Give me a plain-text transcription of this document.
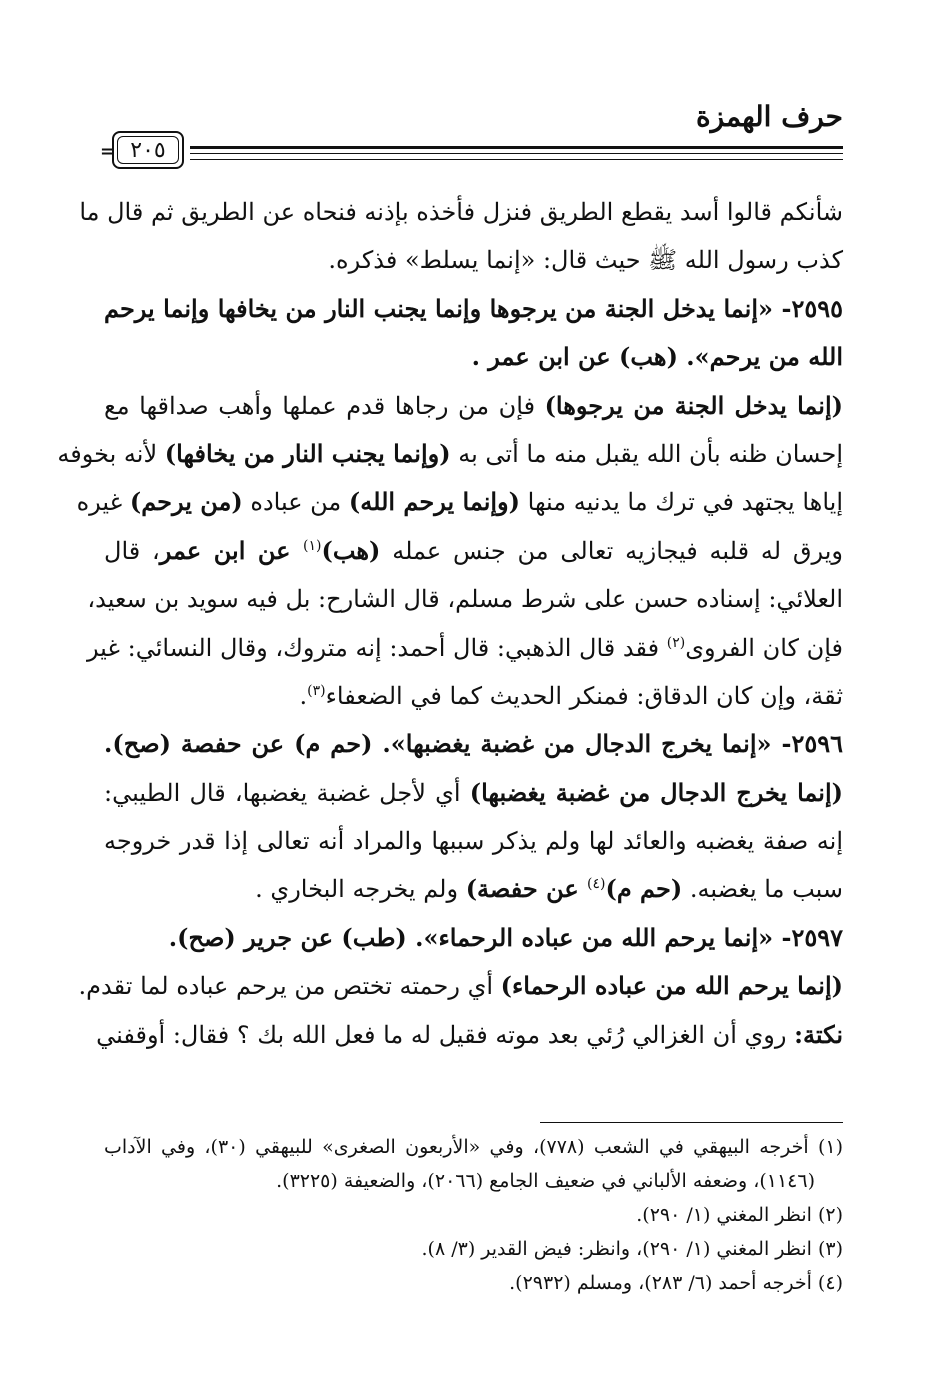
حرف الهمزة
٢٠٥
=
شأنكم قالوا أسد يقطع الطريق فنزل فأخذه بإذنه فنحاه عن الطريق ثم قال ما
كذب رسول الله ﷺ حيث قال: «إنما يسلط» فذكره.
٢٥٩٥- «إنما يدخل الجنة من يرجوها وإنما يجنب النار من يخافها وإنما يرحم
الله من يرحم». (هب) عن ابن عمر .
(إنما يدخل الجنة من يرجوها) فإن من رجاها قدم عملها وأهب صداقها مع
إحسان ظنه بأن الله يقبل منه ما أتى به (وإنما يجنب النار من يخافها) لأنه بخوفه
إياها يجتهد في ترك ما يدنيه منها (وإنما يرحم الله) من عباده (من يرحم) غيره
ويرق له قلبه فيجازيه تعالى من جنس عمله (هب)$^{(١)}$ عن ابن عمر، قال
العلائي: إسناده حسن على شرط مسلم، قال الشارح: بل فيه سويد بن سعيد،
فإن كان الفروى$^{(٢)}$ فقد قال الذهبي: قال أحمد: إنه متروك، وقال النسائي: غير
ثقة، وإن كان الدقاق: فمنكر الحديث كما في الضعفاء$^{(٣)}$.
٢٥٩٦- «إنما يخرج الدجال من غضبة يغضبها». (حم م) عن حفصة (صح).
(إنما يخرج الدجال من غضبة يغضبها) أي لأجل غضبة يغضبها، قال الطيبي:
إنه صفة يغضبه والعائد لها ولم يذكر سببها والمراد أنه تعالى إذا قدر خروجه
سبب ما يغضبه. (حم م)$^{(٤)}$ عن حفصة) ولم يخرجه البخاري .
٢٥٩٧- «إنما يرحم الله من عباده الرحماء». (طب) عن جرير (صح).
(إنما يرحم الله من عباده الرحماء) أي رحمته تختص من يرحم عباده لما تقدم.
نكتة: روي أن الغزالي رُئي بعد موته فقيل له ما فعل الله بك ؟ فقال: أوقفني
(١) أخرجه البيهقي في الشعب (٧٧٨)، وفي «الأربعون الصغرى» للبيهقي (٣٠)، وفي الآداب
(١١٤٦)، وضعفه الألباني في ضعيف الجامع (٢٠٦٦)، والضعيفة (٣٢٢٥).
(٢) انظر المغني (١/ ٢٩٠).
(٣) انظر المغني (١/ ٢٩٠)، وانظر: فيض القدير (٣/ ٨).
(٤) أخرجه أحمد (٦/ ٢٨٣)، ومسلم (٢٩٣٢).
